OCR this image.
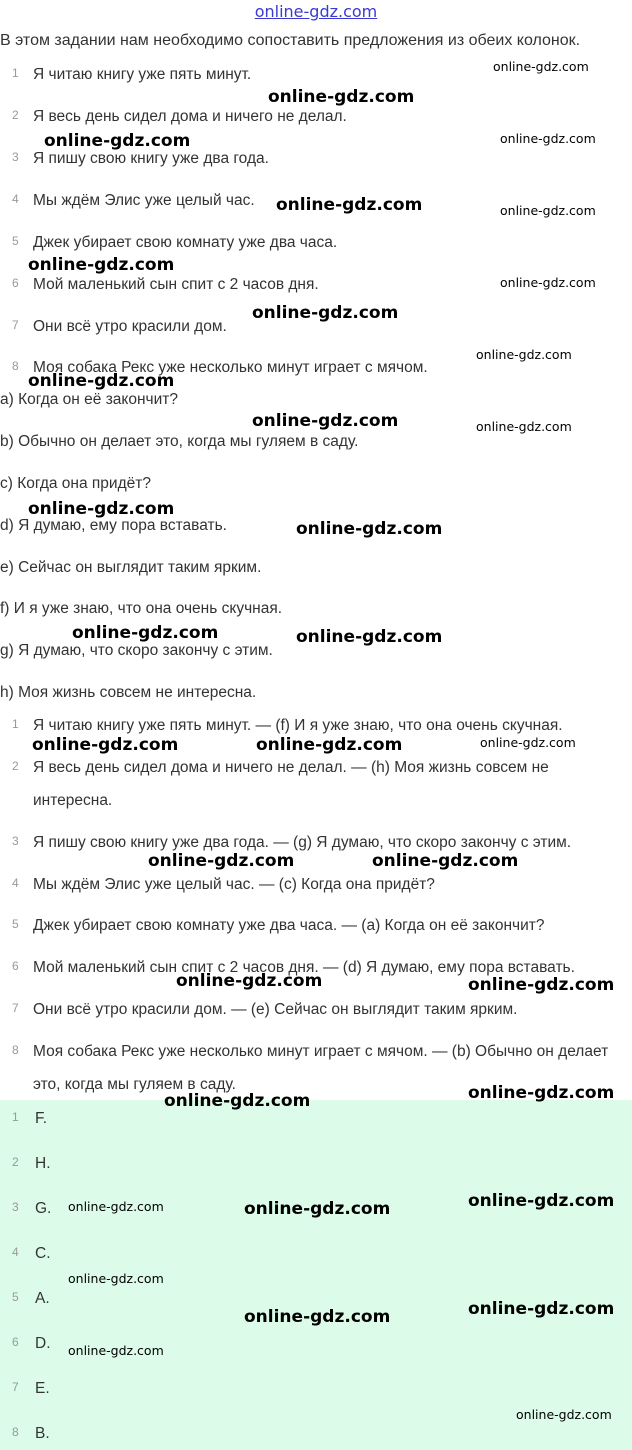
online-gdz.com
В этом задании нам необходимо сопоставить предложения из обеих колонок.
1 Я читаю книгу уже пять минут.
2 Я весь день сидел дома и ничего не делал.
3 Я пишу свою книгу уже два года.
4 Мы ждём Элис уже целый час.
5 Джек убирает свою комнату уже два часа.
6 Мой маленький сын спит с 2 часов дня.
7 Они всё утро красили дом.
8 Моя собака Рекс уже несколько минут играет с мячом.
a) Когда он её закончит?
b) Обычно он делает это, когда мы гуляем в саду.
c) Когда она придёт?
d) Я думаю, ему пора вставать.
e) Сейчас он выглядит таким ярким.
f) И я уже знаю, что она очень скучная.
g) Я думаю, что скоро закончу с этим.
h) Моя жизнь совсем не интересна.
1 Я читаю книгу уже пять минут. — (f) И я уже знаю, что она очень скучная.
2 Я весь день сидел дома и ничего не делал. — (h) Моя жизнь совсем не интересна.
3 Я пишу свою книгу уже два года. — (g) Я думаю, что скоро закончу с этим.
4 Мы ждём Элис уже целый час. — (c) Когда она придёт?
5 Джек убирает свою комнату уже два часа. — (a) Когда он её закончит?
6 Мой маленький сын спит с 2 часов дня. — (d) Я думаю, ему пора вставать.
7 Они всё утро красили дом. — (e) Сейчас он выглядит таким ярким.
8 Моя собака Рекс уже несколько минут играет с мячом. — (b) Обычно он делает это, когда мы гуляем в саду.
1 F.
2 H.
3 G.
4 C.
5 A.
6 D.
7 E.
8 B.
online-gdz.com
online-gdz.com
online-gdz.com	online-gdz.com
online-gdz.com	online-gdz.com
online-gdz.com
online-gdz.com
online-gdz.com
online-gdz.com
online-gdz.com
online-gdz.com	online-gdz.com
online-gdz.com
online-gdz.com
online-gdz.com	online-gdz.com
online-gdz.com	online-gdz.com	online-gdz.com
online-gdz.com	online-gdz.com
online-gdz.com	online-gdz.com
online-gdz.com
online-gdz.com
online-gdz.com
online-gdz.com	online-gdz.com
online-gdz.com
online-gdz.com
online-gdz.com
online-gdz.com
online-gdz.com
